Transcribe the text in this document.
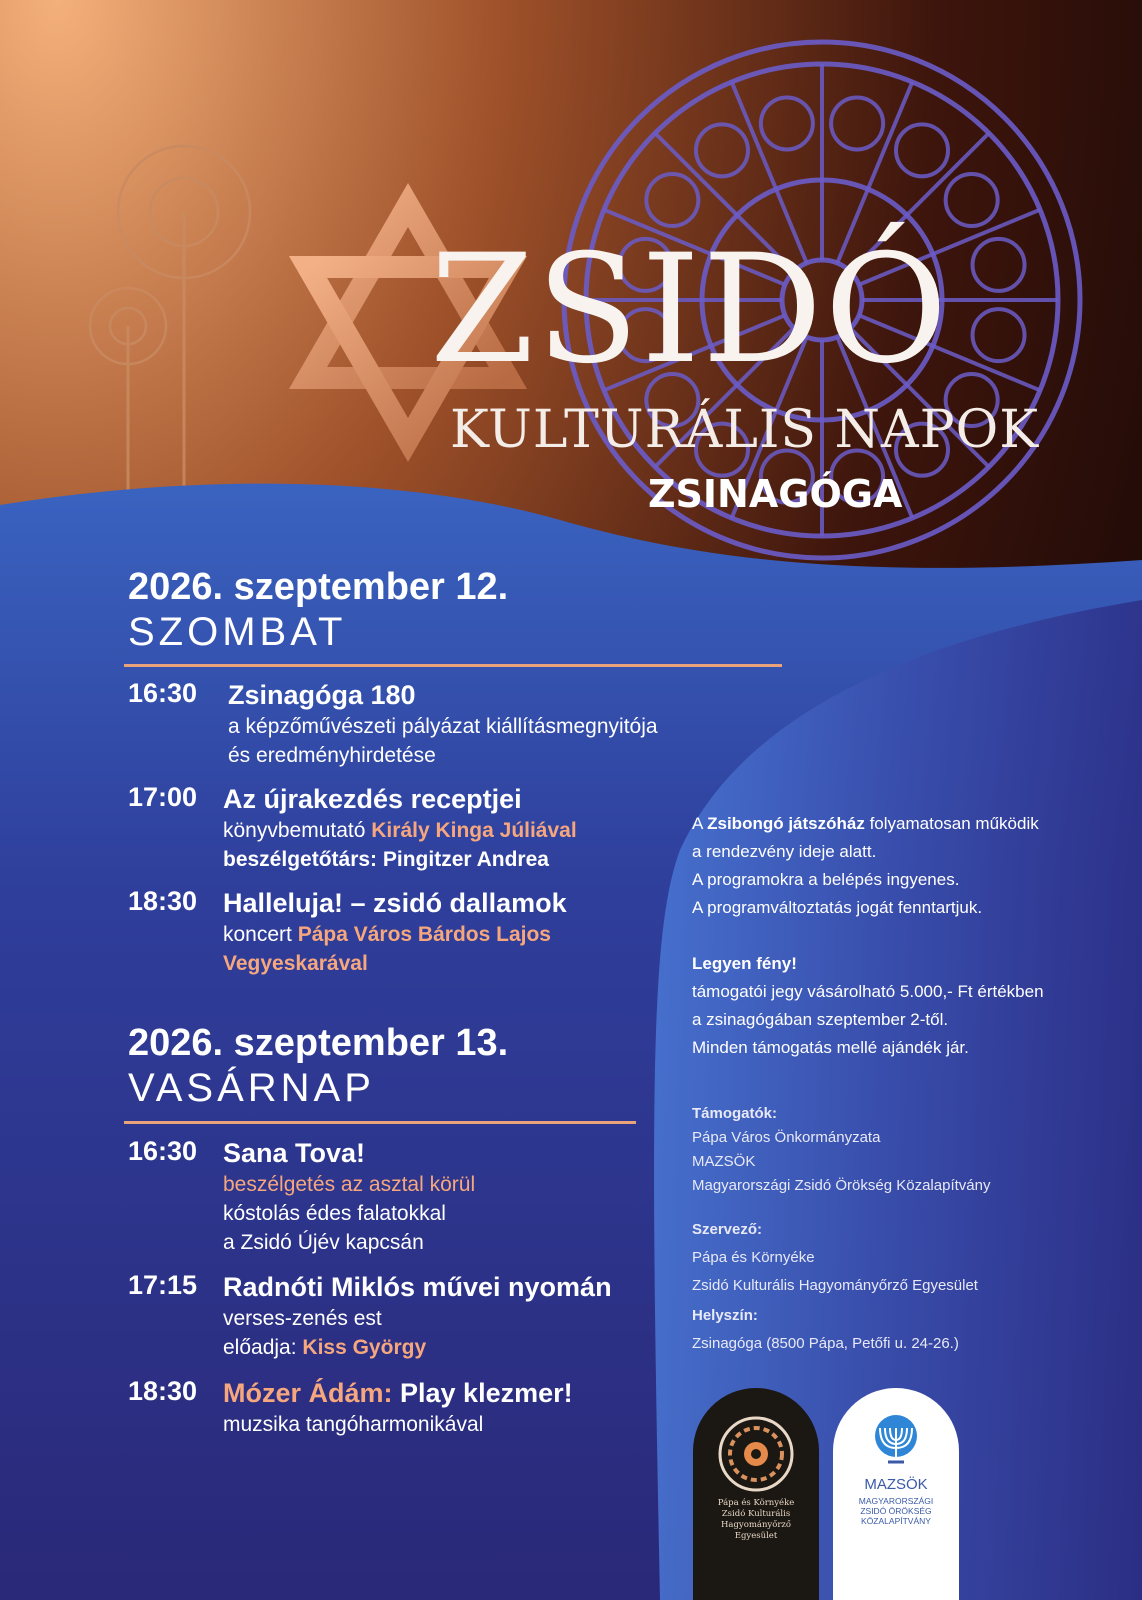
ZSIDÓ
KULTURÁLIS NAPOK
ZSINAGÓGA
2026. szeptember 12.
SZOMBAT
16:30 Zsinagóga 180
a képzőművészeti pályázat kiállításmegnyitója
és eredményhirdetése
17:00 Az újrakezdés receptjei
könyvbemutató Király Kinga Júliával
beszélgetőtárs: Pingitzer Andrea
18:30 Halleluja! – zsidó dallamok
koncert Pápa Város Bárdos Lajos
Vegyeskarával
2026. szeptember 13.
VASÁRNAP
16:30 Sana Tova!
beszélgetés az asztal körül
kóstolás édes falatokkal
a Zsidó Újév kapcsán
17:15 Radnóti Miklós művei nyomán
verses-zenés est
előadja: Kiss György
18:30 Mózer Ádám: Play klezmer!
muzsika tangóharmonikával
A Zsibongó játszóház folyamatosan működik
a rendezvény ideje alatt.
A programokra a belépés ingyenes.
A programváltoztatás jogát fenntartjuk.
Legyen fény!
támogatói jegy vásárolható 5.000,- Ft értékben
a zsinagógában szeptember 2-től.
Minden támogatás mellé ajándék jár.
Támogatók:
Pápa Város Önkormányzata
MAZSÖK
Magyarországi Zsidó Örökség Közalapítvány
Szervező:
Pápa és Környéke
Zsidó Kulturális Hagyományőrző Egyesület
Helyszín:
Zsinagóga (8500 Pápa, Petőfi u. 24-26.)
Pápa és Környéke
Zsidó Kulturális
Hagyományőrző
Egyesület
MAZSÖK
MAGYARORSZÁGI
ZSIDÓ ÖRÖKSÉG
KÖZALAPÍTVÁNY
